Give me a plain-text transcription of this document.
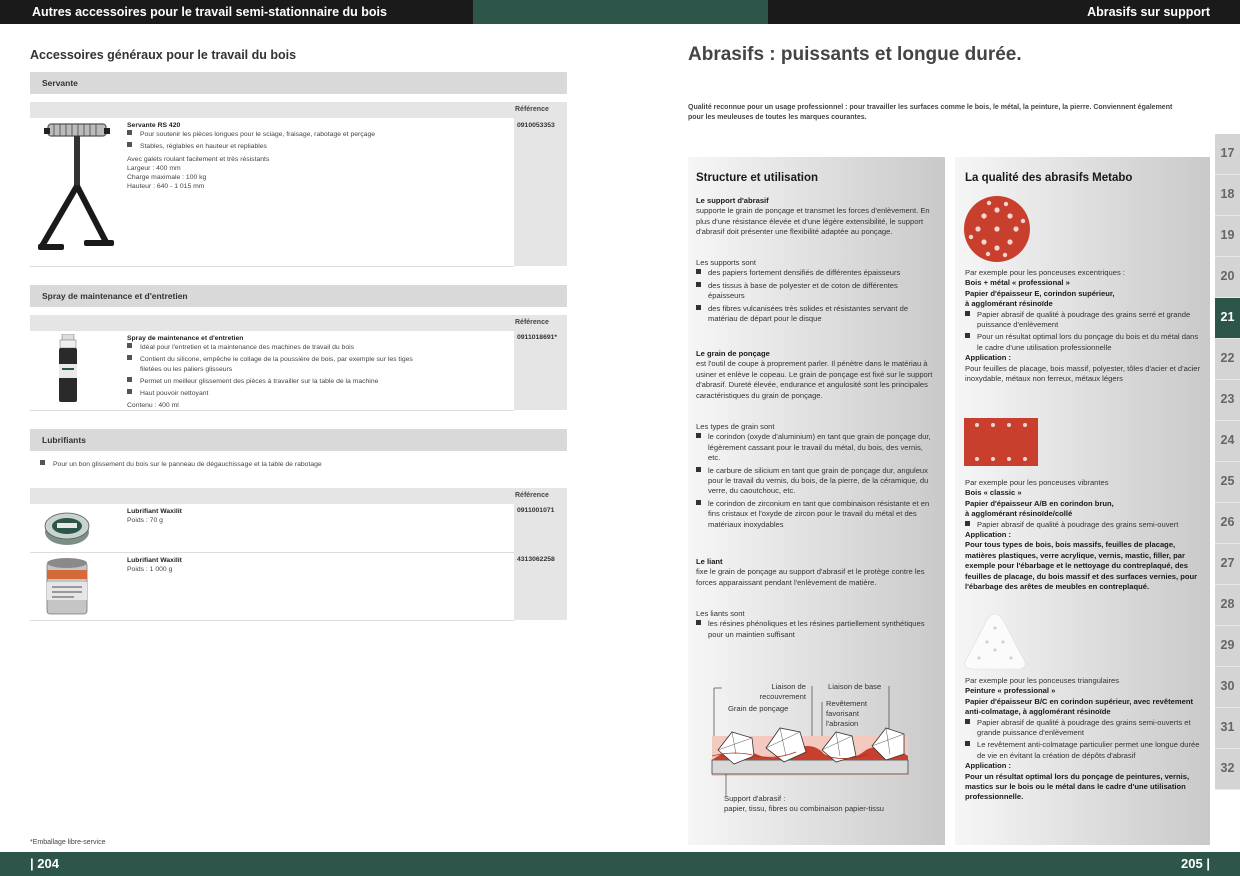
Autres accessoires pour le travail semi-stationnaire du bois	Abrasifs sur support
Accessoires généraux pour le travail du bois
Servante
Référence
Servante RS 420
Pour soutenir les pièces longues pour le sciage, fraisage, rabotage et perçage
Stables, réglables en hauteur et repliables
Avec galets roulant facilement et très résistants
Largeur : 400 mm
Charge maximale : 100 kg
Hauteur : 640 - 1 015 mm
0910053353
Spray de maintenance et d'entretien
Référence
Spray de maintenance et d'entretien
Idéal pour l'entretien et la maintenance des machines de travail du bois
Contient du silicone, empêche le collage de la poussière de bois, par exemple sur les tiges filetées ou les paliers glisseurs
Permet un meilleur glissement des pièces à travailler sur la table de la machine
Haut pouvoir nettoyant
Contenu : 400 ml
0911018691*
Lubrifiants
Pour un bon glissement du bois sur le panneau de dégauchissage et la table de rabotage
Référence
Lubrifiant Waxilit
Poids : 70 g
0911001071
Lubrifiant Waxilit
Poids : 1 000 g
4313062258
*Emballage libre-service
Abrasifs : puissants et longue durée.
Qualité reconnue pour un usage professionnel : pour travailler les surfaces comme le bois, le métal, la peinture, la pierre. Conviennent également pour les meuleuses de toutes les marques courantes.
Structure et utilisation
Le support d'abrasif
supporte le grain de ponçage et transmet les forces d'enlèvement. En plus d'une résistance élevée et d'une légère extensibilité, le support d'abrasif doit présenter une flexibilité adaptée au ponçage.
Les supports sont
des papiers fortement densifiés de différentes épaisseurs
des tissus à base de polyester et de coton de différentes épaisseurs
des fibres vulcanisées très solides et résistantes servant de matériau de départ pour le disque
Le grain de ponçage
est l'outil de coupe à proprement parler. Il pénètre dans le matériau à usiner et enlève le copeau. Le grain de ponçage est fixé sur le support d'abrasif. Dureté élevée, endurance et angulosité sont les principales caractéristiques du grain de ponçage.
Les types de grain sont
le corindon (oxyde d'aluminium) en tant que grain de ponçage dur, légèrement cassant pour le travail du métal, du bois, des vernis, etc.
le carbure de silicium en tant que grain de ponçage dur, anguleux pour le travail du vernis, du bois, de la pierre, de la céramique, du verre, du caoutchouc, etc.
le corindon de zirconium en tant que combinaison résistante et en fins cristaux et l'oxyde de zircon pour le travail du métal et des matériaux inoxydables
Le liant
fixe le grain de ponçage au support d'abrasif et le protège contre les forces apparaissant pendant l'enlèvement de matière.
Les liants sont
les résines phénoliques et les résines partiellement synthétiques pour un maintien suffisant
Liaison de recouvrement
Liaison de base
Grain de ponçage
Revêtement favorisant l'abrasion
Support d'abrasif :
papier, tissu, fibres ou combinaison papier-tissu
La qualité des abrasifs Metabo
Par exemple pour les ponceuses excentriques :
Bois + métal « professional »
Papier d'épaisseur E, corindon supérieur,
à agglomérant résinoïde
Papier abrasif de qualité à poudrage des grains serré et grande puissance d'enlèvement
Pour un résultat optimal lors du ponçage du bois et du métal dans le cadre d'une utilisation professionnelle
Application :
Pour feuilles de placage, bois massif, polyester, tôles d'acier et d'acier inoxydable, métaux non ferreux, métaux légers
Par exemple pour les ponceuses vibrantes
Bois « classic »
Papier d'épaisseur A/B en corindon brun,
à agglomérant résinoïde/collé
Papier abrasif de qualité à poudrage des grains semi-ouvert
Application :
Pour tous types de bois, bois massifs, feuilles de placage, matières plastiques, verre acrylique, vernis, mastic, filler, par exemple pour l'ébarbage et le nettoyage du contreplaqué, des feuilles de placage, du bois massif et des surfaces vernies, pour l'ébarbage des arêtes de meubles en contreplaqué.
Par exemple pour les ponceuses triangulaires
Peinture « professional »
Papier d'épaisseur B/C en corindon supérieur, avec revêtement anti-colmatage, à agglomérant résinoïde
Papier abrasif de qualité à poudrage des grains semi-ouverts et grande puissance d'enlèvement
Le revêtement anti-colmatage particulier permet une longue durée de vie en évitant la création de dépôts d'abrasif
Application :
Pour un résultat optimal lors du ponçage de peintures, vernis, mastics sur le bois ou le métal dans le cadre d'une utilisation professionnelle.
17
18
19
20
21
22
23
24
25
26
27
28
29
30
31
32
| 204	205 |
